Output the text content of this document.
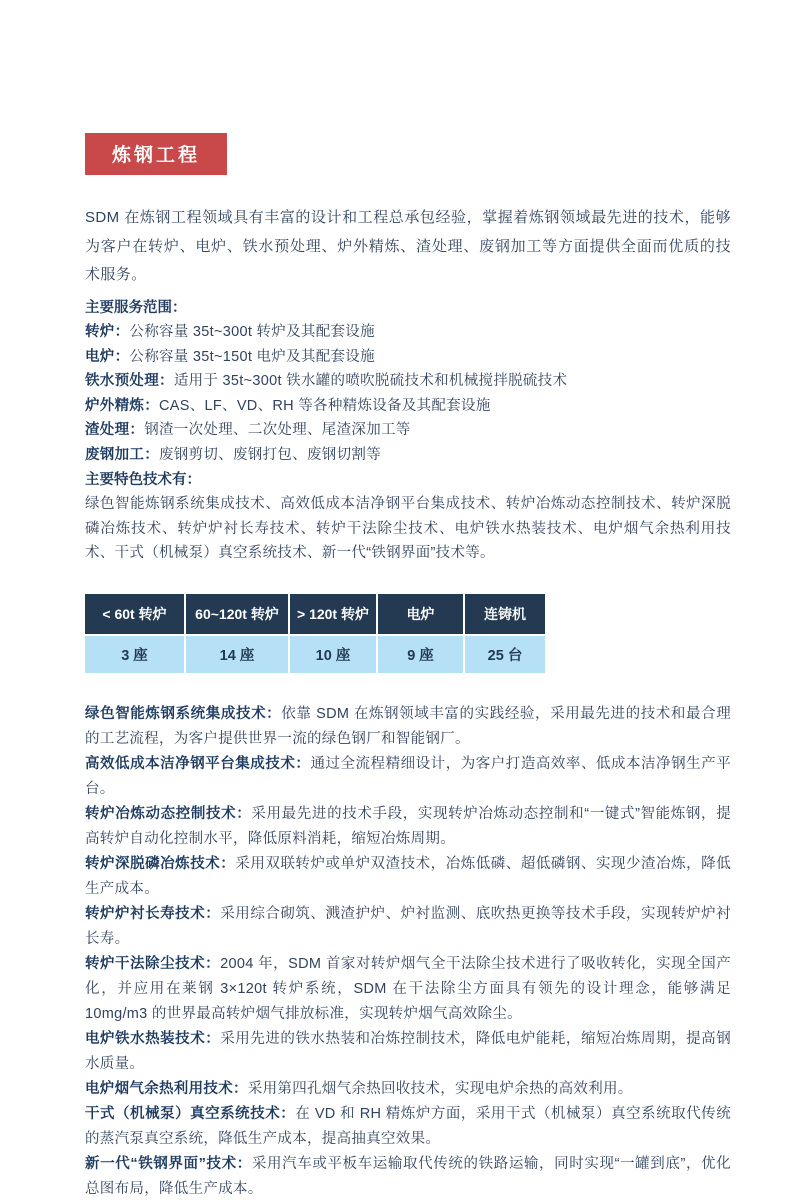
炼钢工程

SDM 在炼钢工程领域具有丰富的设计和工程总承包经验，掌握着炼钢领域最先进的技术，能够为客户在转炉、电炉、铁水预处理、炉外精炼、渣处理、废钢加工等方面提供全面而优质的技术服务。

主要服务范围：
转炉：公称容量 35t~300t 转炉及其配套设施
电炉：公称容量 35t~150t 电炉及其配套设施
铁水预处理：适用于 35t~300t 铁水罐的喷吹脱硫技术和机械搅拌脱硫技术
炉外精炼：CAS、LF、VD、RH 等各种精炼设备及其配套设施
渣处理：钢渣一次处理、二次处理、尾渣深加工等
废钢加工：废钢剪切、废钢打包、废钢切割等
主要特色技术有：
绿色智能炼钢系统集成技术、高效低成本洁净钢平台集成技术、转炉冶炼动态控制技术、转炉深脱磷冶炼技术、转炉炉衬长寿技术、转炉干法除尘技术、电炉铁水热装技术、电炉烟气余热利用技术、干式（机械泵）真空系统技术、新一代“铁钢界面”技术等。
< 60t 转炉	60~120t 转炉	> 120t 转炉	电炉	连铸机
3 座	14 座	10 座	9 座	25 台

绿色智能炼钢系统集成技术：依靠 SDM 在炼钢领域丰富的实践经验，采用最先进的技术和最合理的工艺流程，为客户提供世界一流的绿色钢厂和智能钢厂。

高效低成本洁净钢平台集成技术：通过全流程精细设计，为客户打造高效率、低成本洁净钢生产平台。

转炉冶炼动态控制技术：采用最先进的技术手段，实现转炉冶炼动态控制和“一键式”智能炼钢，提高转炉自动化控制水平，降低原料消耗，缩短冶炼周期。

转炉深脱磷冶炼技术：采用双联转炉或单炉双渣技术，冶炼低磷、超低磷钢、实现少渣冶炼，降低生产成本。

转炉炉衬长寿技术：采用综合砌筑、溅渣护炉、炉衬监测、底吹热更换等技术手段，实现转炉炉衬长寿。

转炉干法除尘技术：2004 年，SDM 首家对转炉烟气全干法除尘技术进行了吸收转化，实现全国产化，并应用在莱钢 3×120t 转炉系统，SDM 在干法除尘方面具有领先的设计理念，能够满足 10mg/m3 的世界最高转炉烟气排放标准，实现转炉烟气高效除尘。

电炉铁水热装技术：采用先进的铁水热装和冶炼控制技术，降低电炉能耗，缩短冶炼周期，提高钢水质量。

电炉烟气余热利用技术：采用第四孔烟气余热回收技术，实现电炉余热的高效利用。

干式（机械泵）真空系统技术：在 VD 和 RH 精炼炉方面，采用干式（机械泵）真空系统取代传统的蒸汽泵真空系统，降低生产成本，提高抽真空效果。

新一代“铁钢界面”技术：采用汽车或平板车运输取代传统的铁路运输，同时实现“一罐到底”，优化总图布局，降低生产成本。
